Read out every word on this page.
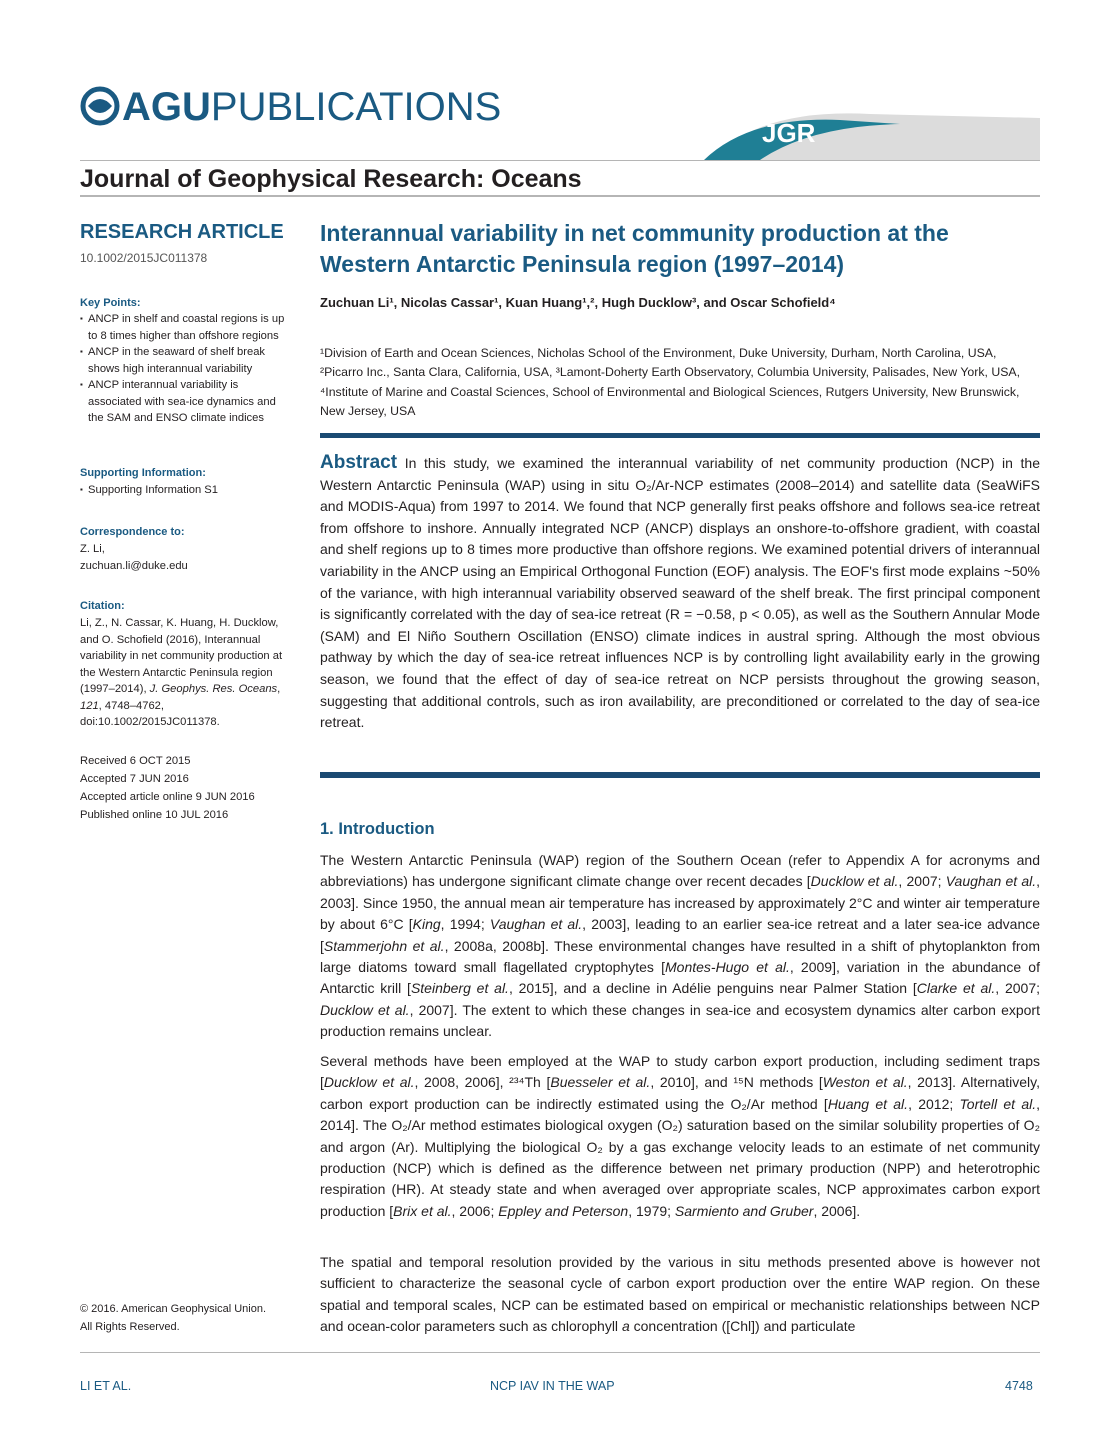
AGUPUBLICATIONS
JGR
Journal of Geophysical Research: Oceans
RESEARCH ARTICLE
10.1002/2015JC011378
Key Points:
▪ ANCP in shelf and coastal regions is up to 8 times higher than offshore regions
▪ ANCP in the seaward of shelf break shows high interannual variability
▪ ANCP interannual variability is associated with sea-ice dynamics and the SAM and ENSO climate indices
Supporting Information:
▪ Supporting Information S1
Correspondence to:

Z. Li,

zuchuan.li@duke.edu

Citation:

Li, Z., N. Cassar, K. Huang, H. Ducklow, and O. Schofield (2016), Interannual variability in net community production at the Western Antarctic Peninsula region (1997–2014), J. Geophys. Res. Oceans, 121, 4748–4762, doi:10.1002/2015JC011378.

Received 6 OCT 2015

Accepted 7 JUN 2016

Accepted article online 9 JUN 2016

Published online 10 JUL 2016

© 2016. American Geophysical Union.
All Rights Reserved.
Interannual variability in net community production at the Western Antarctic Peninsula region (1997–2014)
Zuchuan Li¹, Nicolas Cassar¹, Kuan Huang¹,², Hugh Ducklow³, and Oscar Schofield⁴
¹Division of Earth and Ocean Sciences, Nicholas School of the Environment, Duke University, Durham, North Carolina, USA, ²Picarro Inc., Santa Clara, California, USA, ³Lamont-Doherty Earth Observatory, Columbia University, Palisades, New York, USA, ⁴Institute of Marine and Coastal Sciences, School of Environmental and Biological Sciences, Rutgers University, New Brunswick, New Jersey, USA
Abstract In this study, we examined the interannual variability of net community production (NCP) in the Western Antarctic Peninsula (WAP) using in situ O₂/Ar-NCP estimates (2008–2014) and satellite data (SeaWiFS and MODIS-Aqua) from 1997 to 2014. We found that NCP generally first peaks offshore and follows sea-ice retreat from offshore to inshore. Annually integrated NCP (ANCP) displays an onshore-to-offshore gradient, with coastal and shelf regions up to 8 times more productive than offshore regions. We examined potential drivers of interannual variability in the ANCP using an Empirical Orthogonal Function (EOF) analysis. The EOF's first mode explains ~50% of the variance, with high interannual variability observed seaward of the shelf break. The first principal component is significantly correlated with the day of sea-ice retreat (R = −0.58, p < 0.05), as well as the Southern Annular Mode (SAM) and El Niño Southern Oscillation (ENSO) climate indices in austral spring. Although the most obvious pathway by which the day of sea-ice retreat influences NCP is by controlling light availability early in the growing season, we found that the effect of day of sea-ice retreat on NCP persists throughout the growing season, suggesting that additional controls, such as iron availability, are preconditioned or correlated to the day of sea-ice retreat.
1. Introduction

The Western Antarctic Peninsula (WAP) region of the Southern Ocean (refer to Appendix A for acronyms and abbreviations) has undergone significant climate change over recent decades [Ducklow et al., 2007; Vaughan et al., 2003]. Since 1950, the annual mean air temperature has increased by approximately 2°C and winter air temperature by about 6°C [King, 1994; Vaughan et al., 2003], leading to an earlier sea-ice retreat and a later sea-ice advance [Stammerjohn et al., 2008a, 2008b]. These environmental changes have resulted in a shift of phytoplankton from large diatoms toward small flagellated cryptophytes [Montes-Hugo et al., 2009], variation in the abundance of Antarctic krill [Steinberg et al., 2015], and a decline in Adélie penguins near Palmer Station [Clarke et al., 2007; Ducklow et al., 2007]. The extent to which these changes in sea-ice and ecosystem dynamics alter carbon export production remains unclear.

Several methods have been employed at the WAP to study carbon export production, including sediment traps [Ducklow et al., 2008, 2006], ²³⁴Th [Buesseler et al., 2010], and ¹⁵N methods [Weston et al., 2013]. Alternatively, carbon export production can be indirectly estimated using the O₂/Ar method [Huang et al., 2012; Tortell et al., 2014]. The O₂/Ar method estimates biological oxygen (O₂) saturation based on the similar solubility properties of O₂ and argon (Ar). Multiplying the biological O₂ by a gas exchange velocity leads to an estimate of net community production (NCP) which is defined as the difference between net primary production (NPP) and heterotrophic respiration (HR). At steady state and when averaged over appropriate scales, NCP approximates carbon export production [Brix et al., 2006; Eppley and Peterson, 1979; Sarmiento and Gruber, 2006].

The spatial and temporal resolution provided by the various in situ methods presented above is however not sufficient to characterize the seasonal cycle of carbon export production over the entire WAP region. On these spatial and temporal scales, NCP can be estimated based on empirical or mechanistic relationships between NCP and ocean-color parameters such as chlorophyll a concentration ([Chl]) and particulate

LI ET AL.	NCP IAV IN THE WAP	4748
